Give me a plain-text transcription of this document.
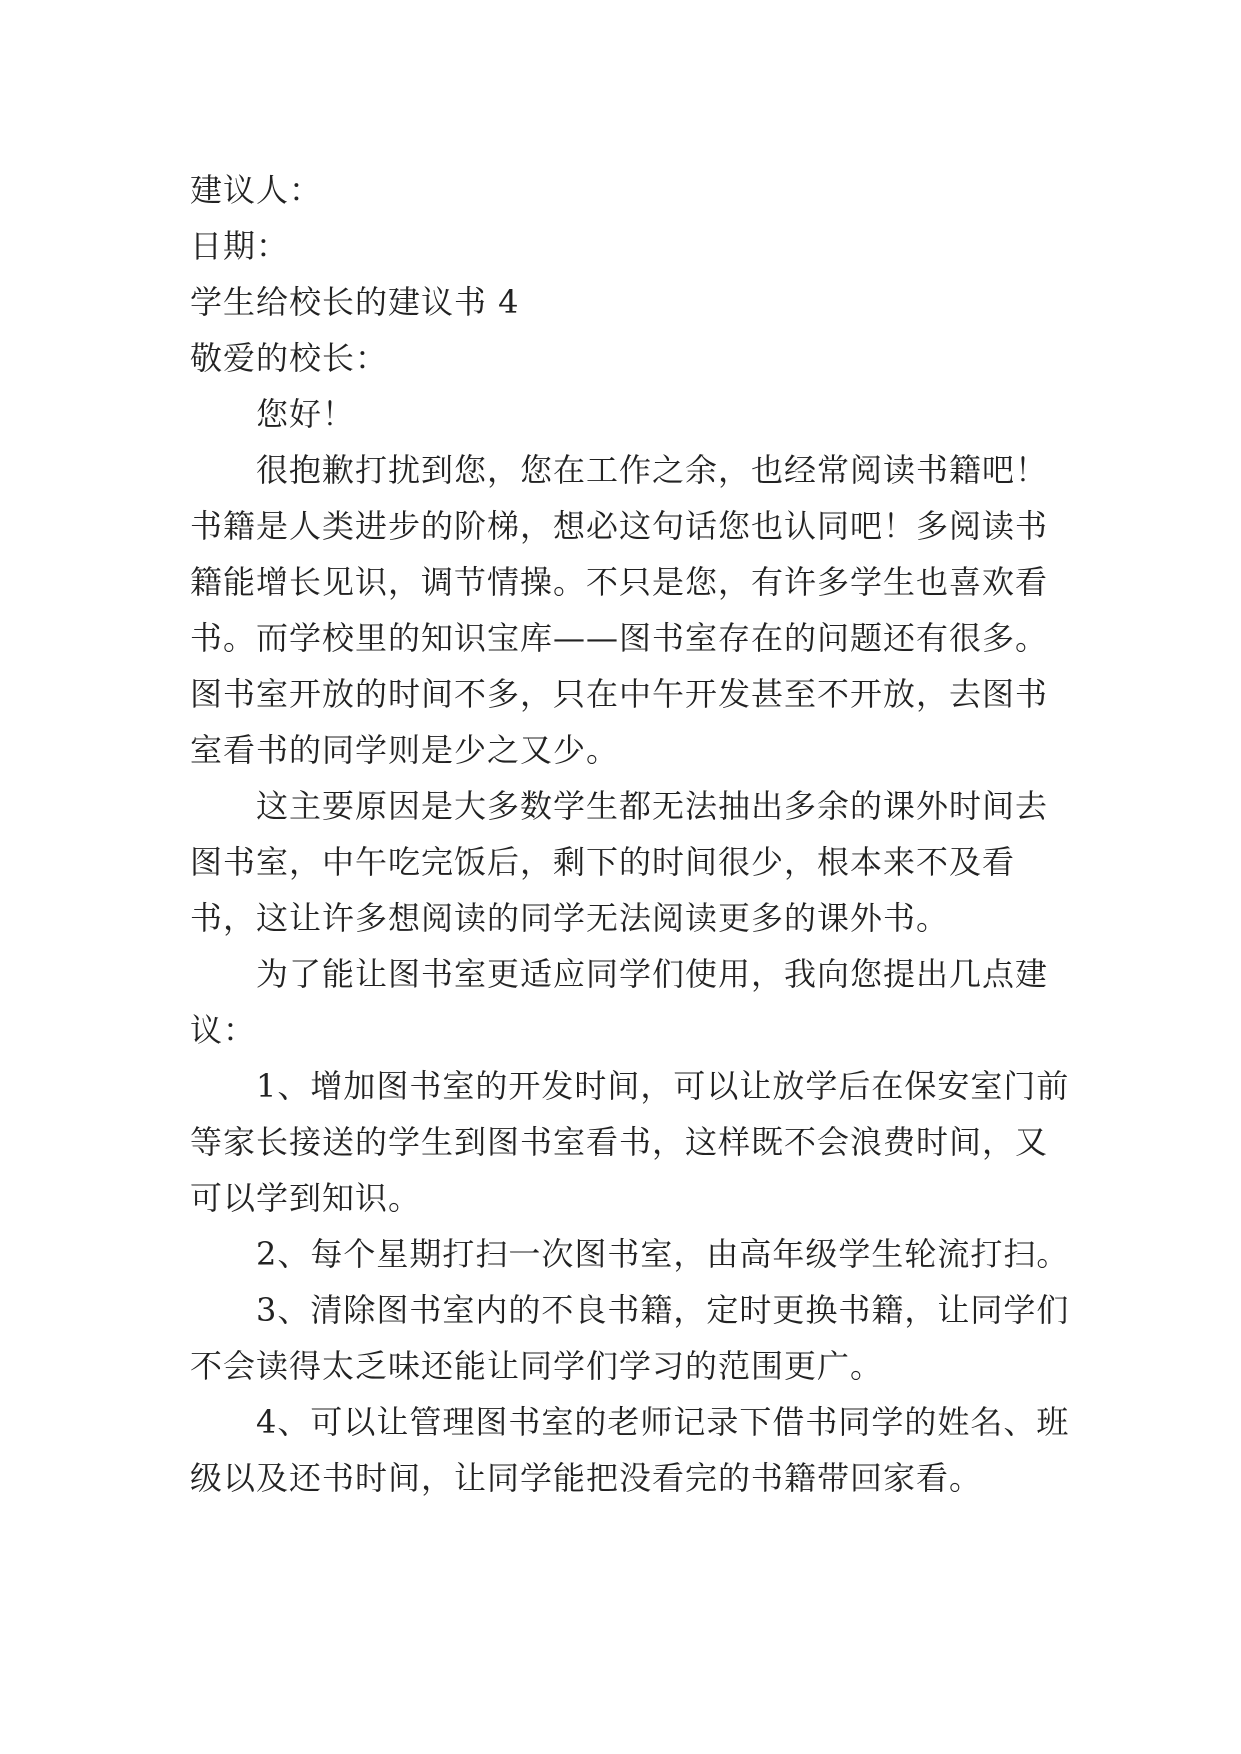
建议人：
日期：
学生给校长的建议书 4
敬爱的校长：
您好！
很抱歉打扰到您，您在工作之余，也经常阅读书籍吧！书籍是人类进步的阶梯，想必这句话您也认同吧！多阅读书籍能增长见识，调节情操。不只是您，有许多学生也喜欢看书。而学校里的知识宝库——图书室存在的问题还有很多。图书室开放的时间不多，只在中午开发甚至不开放，去图书室看书的同学则是少之又少。
这主要原因是大多数学生都无法抽出多余的课外时间去图书室，中午吃完饭后，剩下的时间很少，根本来不及看书，这让许多想阅读的同学无法阅读更多的课外书。
为了能让图书室更适应同学们使用，我向您提出几点建议：
1、增加图书室的开发时间，可以让放学后在保安室门前等家长接送的学生到图书室看书，这样既不会浪费时间，又可以学到知识。
2、每个星期打扫一次图书室，由高年级学生轮流打扫。
3、清除图书室内的不良书籍，定时更换书籍，让同学们不会读得太乏味还能让同学们学习的范围更广。
4、可以让管理图书室的老师记录下借书同学的姓名、班级以及还书时间，让同学能把没看完的书籍带回家看。
